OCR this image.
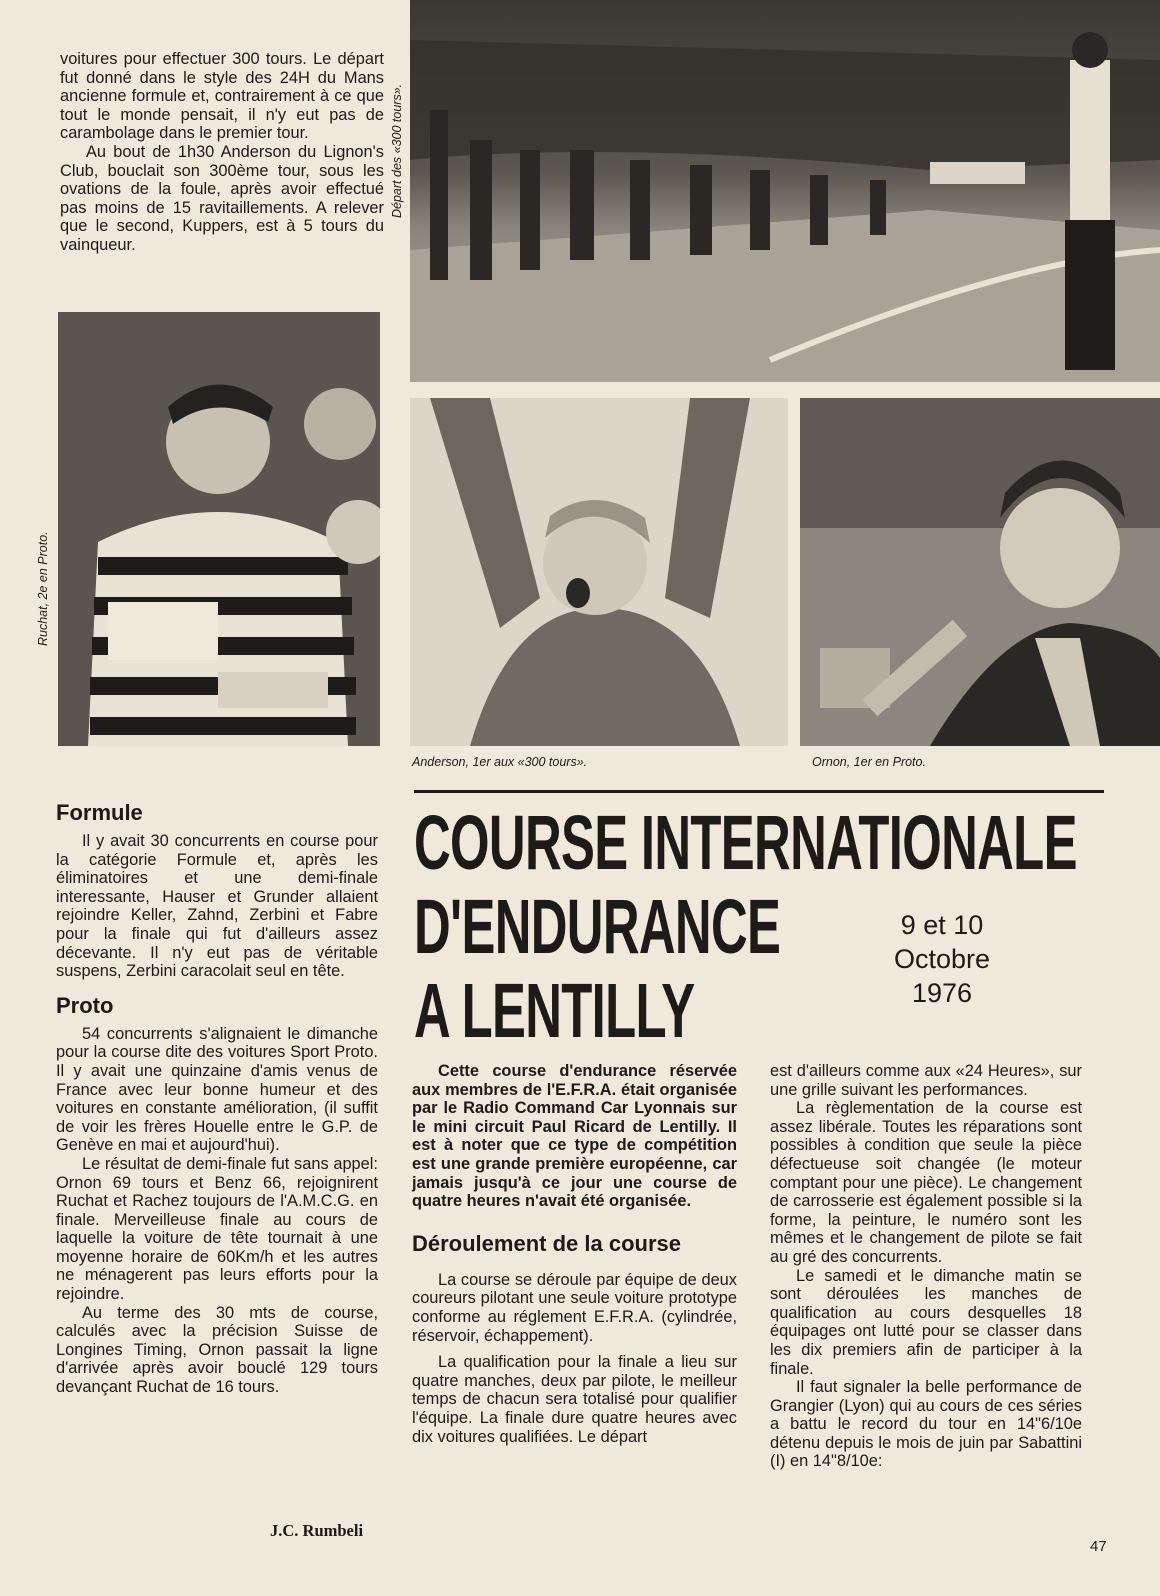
voitures pour effectuer 300 tours. Le départ fut donné dans le style des 24H du Mans ancienne formule et, contrairement à ce que tout le monde pensait, il n'y eut pas de carambolage dans le premier tour.

Au bout de 1h30 Anderson du Lignon's Club, bouclait son 300ème tour, sous les ovations de la foule, après avoir effectué pas moins de 15 ravitaillements. A relever que le second, Kuppers, est à 5 tours du vainqueur.

Départ des «300 tours».
Ruchat, 2e en Proto.
Anderson, 1er aux «300 tours».	Ornon, 1er en Proto.
COURSE INTERNATIONALE
D'ENDURANCE
A LENTILLY
9 et 10
Octobre
1976
Formule

Il y avait 30 concurrents en course pour la catégorie Formule et, après les éliminatoires et une demi-finale interessante, Hauser et Grunder allaient rejoindre Keller, Zahnd, Zerbini et Fabre pour la finale qui fut d'ailleurs assez décevante. Il n'y eut pas de véritable suspens, Zerbini caracolait seul en tête.

Proto

54 concurrents s'alignaient le dimanche pour la course dite des voitures Sport Proto. Il y avait une quinzaine d'amis venus de France avec leur bonne humeur et des voitures en constante amélioration, (il suffit de voir les frères Houelle entre le G.P. de Genève en mai et aujourd'hui).

Le résultat de demi-finale fut sans appel: Ornon 69 tours et Benz 66, rejoignirent Ruchat et Rachez toujours de l'A.M.C.G. en finale. Merveilleuse finale au cours de laquelle la voiture de tête tournait à une moyenne horaire de 60Km/h et les autres ne ménagerent pas leurs efforts pour la rejoindre.

Au terme des 30 mts de course, calculés avec la précision Suisse de Longines Timing, Ornon passait la ligne d'arrivée après avoir bouclé 129 tours devançant Ruchat de 16 tours.

J.C. Rumbeli

Cette course d'endurance réservée aux membres de l'E.F.R.A. était organisée par le Radio Command Car Lyonnais sur le mini circuit Paul Ricard de Lentilly. Il est à noter que ce type de compétition est une grande première européenne, car jamais jusqu'à ce jour une course de quatre heures n'avait été organisée.

Déroulement de la course

La course se déroule par équipe de deux coureurs pilotant une seule voiture prototype conforme au réglement E.F.R.A. (cylindrée, réservoir, échappement).

La qualification pour la finale a lieu sur quatre manches, deux par pilote, le meilleur temps de chacun sera totalisé pour qualifier l'équipe. La finale dure quatre heures avec dix voitures qualifiées. Le départ

est d'ailleurs comme aux «24 Heures», sur une grille suivant les performances.

La règlementation de la course est assez libérale. Toutes les réparations sont possibles à condition que seule la pièce défectueuse soit changée (le moteur comptant pour une pièce). Le changement de carrosserie est également possible si la forme, la peinture, le numéro sont les mêmes et le changement de pilote se fait au gré des concurrents.

Le samedi et le dimanche matin se sont déroulées les manches de qualification au cours desquelles 18 équipages ont lutté pour se classer dans les dix premiers afin de participer à la finale.

Il faut signaler la belle performance de Grangier (Lyon) qui au cours de ces séries a battu le record du tour en 14"6/10e détenu depuis le mois de juin par Sabattini (I) en 14"8/10e:

47
